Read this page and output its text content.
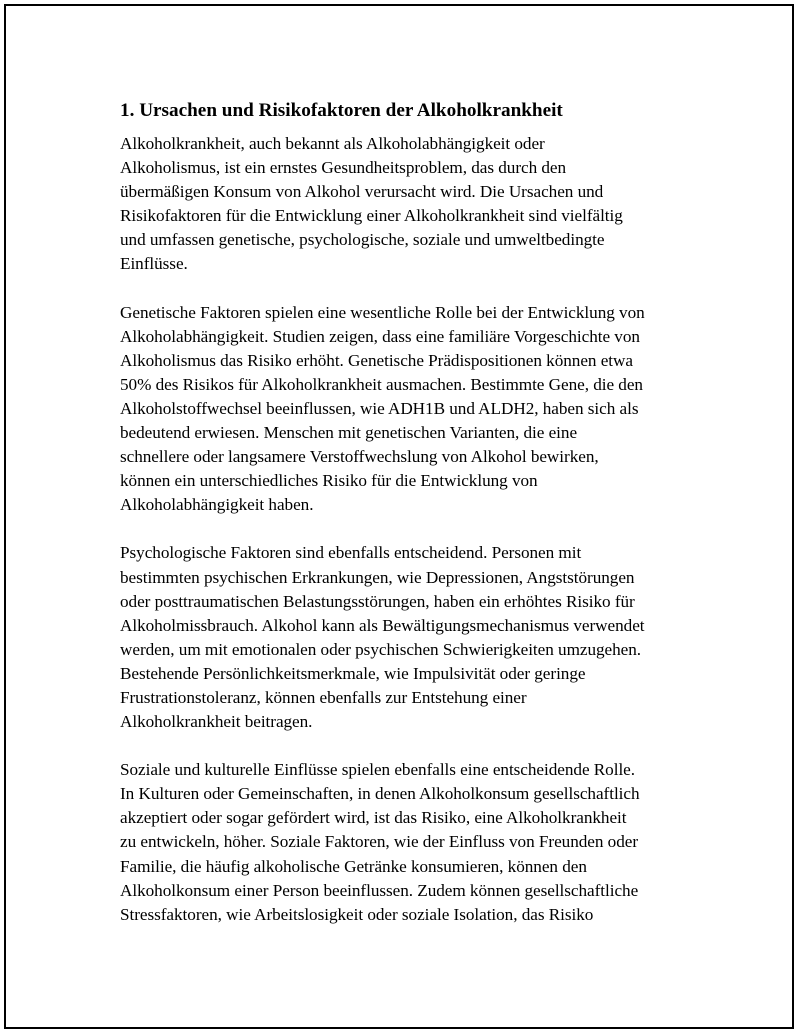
1. Ursachen und Risikofaktoren der Alkoholkrankheit

Alkoholkrankheit, auch bekannt als Alkoholabhängigkeit oder
Alkoholismus, ist ein ernstes Gesundheitsproblem, das durch den
übermäßigen Konsum von Alkohol verursacht wird. Die Ursachen und
Risikofaktoren für die Entwicklung einer Alkoholkrankheit sind vielfältig
und umfassen genetische, psychologische, soziale und umweltbedingte
Einflüsse.

Genetische Faktoren spielen eine wesentliche Rolle bei der Entwicklung von
Alkoholabhängigkeit. Studien zeigen, dass eine familiäre Vorgeschichte von
Alkoholismus das Risiko erhöht. Genetische Prädispositionen können etwa
50% des Risikos für Alkoholkrankheit ausmachen. Bestimmte Gene, die den
Alkoholstoffwechsel beeinflussen, wie ADH1B und ALDH2, haben sich als
bedeutend erwiesen. Menschen mit genetischen Varianten, die eine
schnellere oder langsamere Verstoffwechslung von Alkohol bewirken,
können ein unterschiedliches Risiko für die Entwicklung von
Alkoholabhängigkeit haben.

Psychologische Faktoren sind ebenfalls entscheidend. Personen mit
bestimmten psychischen Erkrankungen, wie Depressionen, Angststörungen
oder posttraumatischen Belastungsstörungen, haben ein erhöhtes Risiko für
Alkoholmissbrauch. Alkohol kann als Bewältigungsmechanismus verwendet
werden, um mit emotionalen oder psychischen Schwierigkeiten umzugehen.
Bestehende Persönlichkeitsmerkmale, wie Impulsivität oder geringe
Frustrationstoleranz, können ebenfalls zur Entstehung einer
Alkoholkrankheit beitragen.

Soziale und kulturelle Einflüsse spielen ebenfalls eine entscheidende Rolle.
In Kulturen oder Gemeinschaften, in denen Alkoholkonsum gesellschaftlich
akzeptiert oder sogar gefördert wird, ist das Risiko, eine Alkoholkrankheit
zu entwickeln, höher. Soziale Faktoren, wie der Einfluss von Freunden oder
Familie, die häufig alkoholische Getränke konsumieren, können den
Alkoholkonsum einer Person beeinflussen. Zudem können gesellschaftliche
Stressfaktoren, wie Arbeitslosigkeit oder soziale Isolation, das Risiko
